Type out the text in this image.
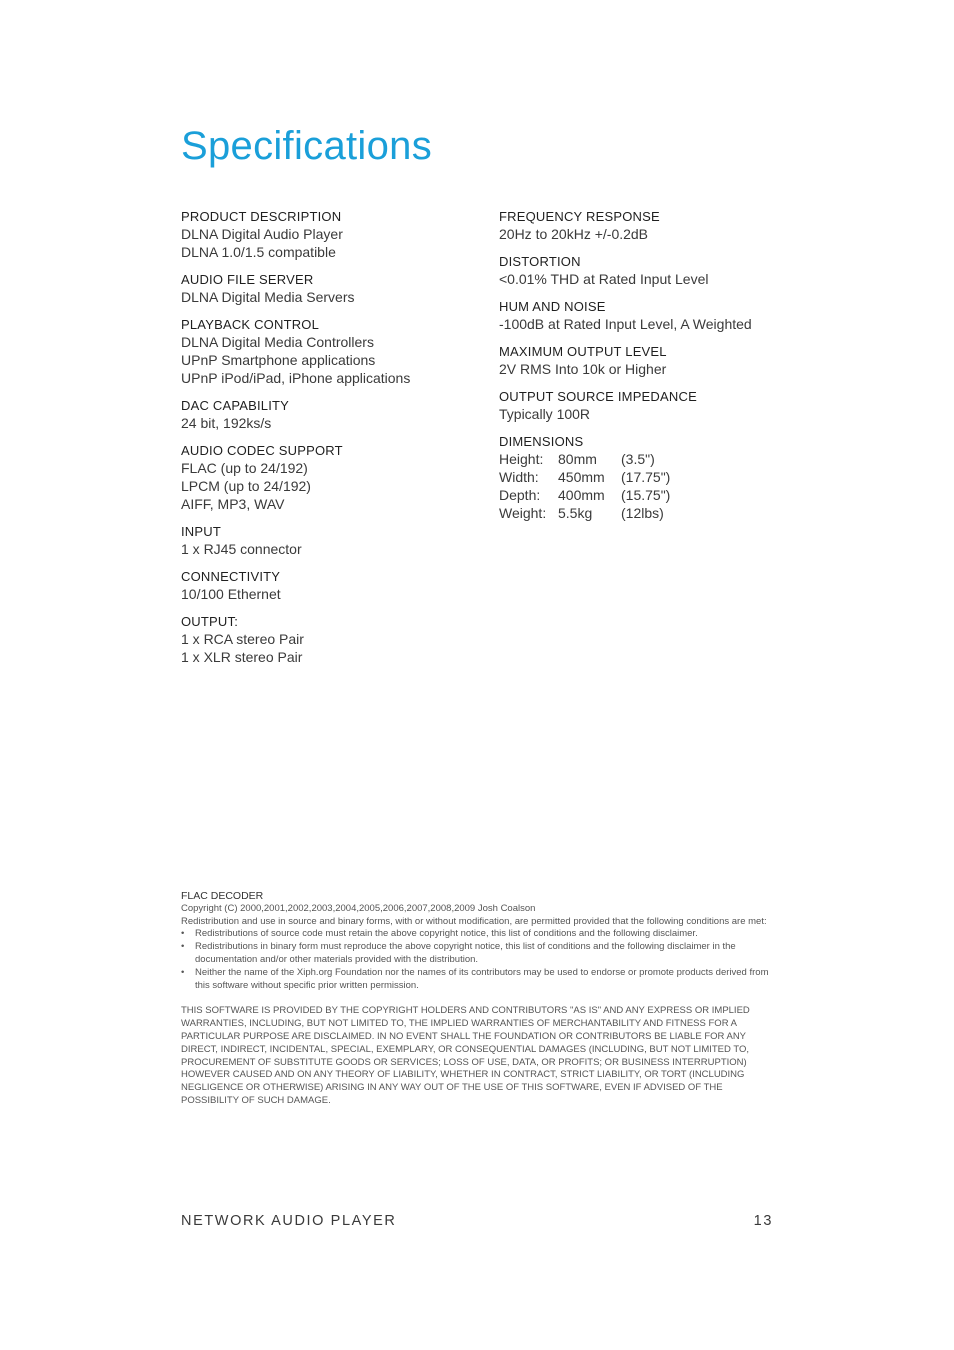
Specifications
PRODUCT DESCRIPTION
DLNA Digital Audio Player
DLNA 1.0/1.5 compatible
AUDIO FILE SERVER
DLNA Digital Media Servers
PLAYBACK CONTROL
DLNA Digital Media Controllers
UPnP Smartphone applications
UPnP iPod/iPad, iPhone applications
DAC CAPABILITY
24 bit, 192ks/s
AUDIO CODEC SUPPORT
FLAC (up to 24/192)
LPCM (up to 24/192)
AIFF, MP3, WAV
INPUT
1 x RJ45 connector
CONNECTIVITY
10/100 Ethernet
OUTPUT:
1 x RCA stereo Pair
1 x XLR stereo Pair
FREQUENCY RESPONSE
20Hz to 20kHz +/-0.2dB
DISTORTION
<0.01% THD at Rated Input Level
HUM AND NOISE
-100dB at Rated Input Level, A Weighted
MAXIMUM OUTPUT LEVEL
2V RMS Into 10k or Higher
OUTPUT SOURCE IMPEDANCE
Typically 100R
DIMENSIONS
Height:	80mm	(3.5")
Width:	450mm	(17.75")
Depth:	400mm	(15.75")
Weight: 5.5kg	(12lbs)
FLAC DECODER
Copyright (C) 2000,2001,2002,2003,2004,2005,2006,2007,2008,2009 Josh Coalson
Redistribution and use in source and binary forms, with or without modification, are permitted provided that the following conditions are met:
• Redistributions of source code must retain the above copyright notice, this list of conditions and the following disclaimer.
• Redistributions in binary form must reproduce the above copyright notice, this list of conditions and the following disclaimer in the documentation and/or other materials provided with the distribution.
• Neither the name of the Xiph.org Foundation nor the names of its contributors may be used to endorse or promote products derived from this software without specific prior written permission.
THIS SOFTWARE IS PROVIDED BY THE COPYRIGHT HOLDERS AND CONTRIBUTORS "AS IS" AND ANY EXPRESS OR IMPLIED WARRANTIES, INCLUDING, BUT NOT LIMITED TO, THE IMPLIED WARRANTIES OF MERCHANTABILITY AND FITNESS FOR A PARTICULAR PURPOSE ARE DISCLAIMED. IN NO EVENT SHALL THE FOUNDATION OR CONTRIBUTORS BE LIABLE FOR ANY DIRECT, INDIRECT, INCIDENTAL, SPECIAL, EXEMPLARY, OR CONSEQUENTIAL DAMAGES (INCLUDING, BUT NOT LIMITED TO, PROCUREMENT OF SUBSTITUTE GOODS OR SERVICES; LOSS OF USE, DATA, OR PROFITS; OR BUSINESS INTERRUPTION) HOWEVER CAUSED AND ON ANY THEORY OF LIABILITY, WHETHER IN CONTRACT, STRICT LIABILITY, OR TORT (INCLUDING NEGLIGENCE OR OTHERWISE) ARISING IN ANY WAY OUT OF THE USE OF THIS SOFTWARE, EVEN IF ADVISED OF THE POSSIBILITY OF SUCH DAMAGE.
NETWORK AUDIO PLAYER	13
